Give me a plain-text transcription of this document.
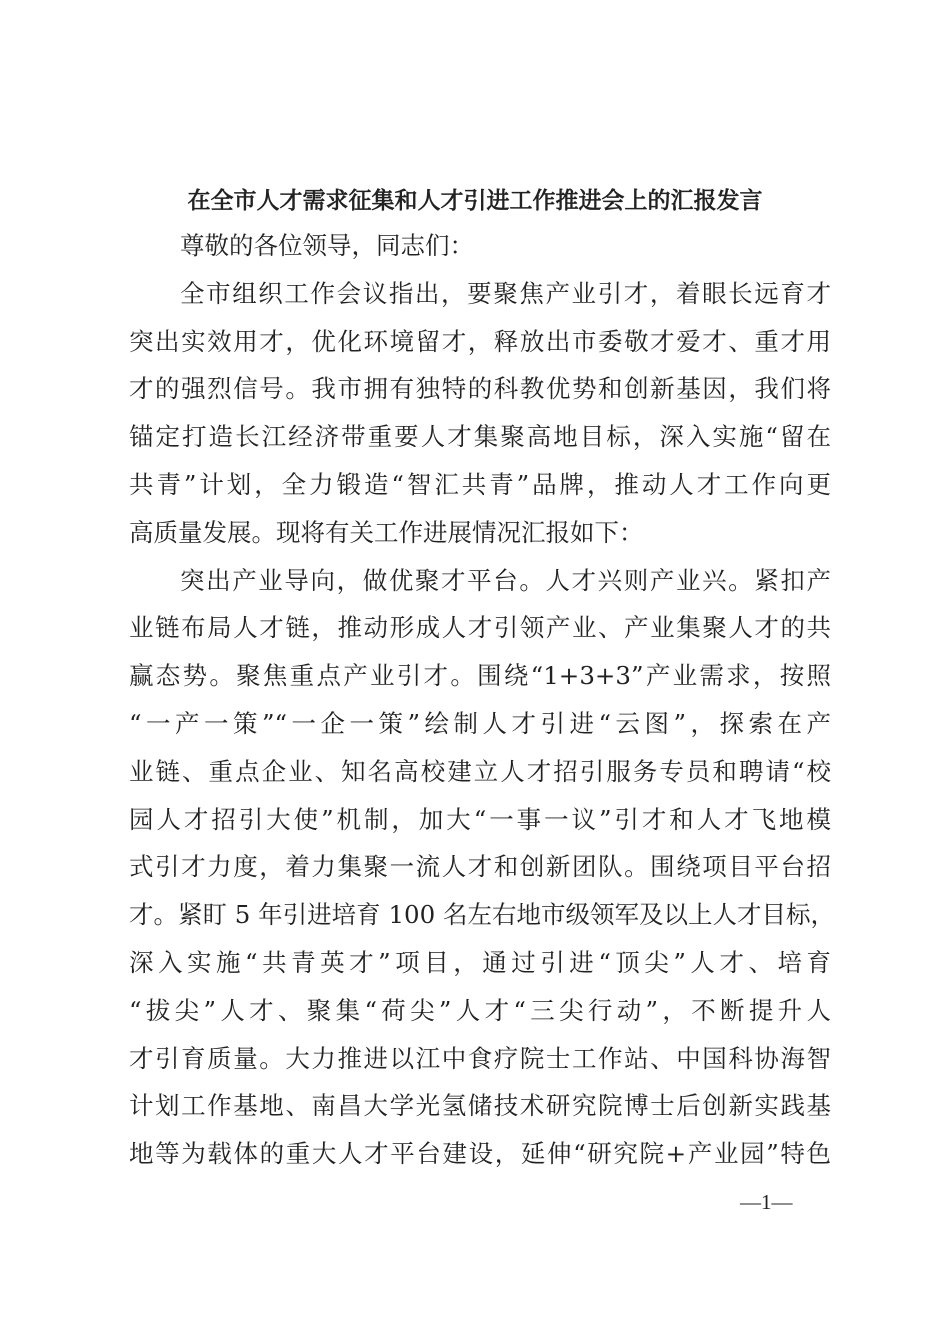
在全市人才需求征集和人才引进工作推进会上的汇报发言
尊敬的各位领导，同志们：
全市组织工作会议指出，要聚焦产业引才，着眼长远育才
突出实效用才，优化环境留才，释放出市委敬才爱才、重才用
才的强烈信号。我市拥有独特的科教优势和创新基因，我们将
锚定打造长江经济带重要人才集聚高地目标，深入实施“留在
共青”计划，全力锻造“智汇共青”品牌，推动人才工作向更
高质量发展。现将有关工作进展情况汇报如下：
突出产业导向，做优聚才平台。人才兴则产业兴。紧扣产
业链布局人才链，推动形成人才引领产业、产业集聚人才的共
赢态势。聚焦重点产业引才。围绕“1+3+3”产业需求，按照
“一产一策”“一企一策”绘制人才引进“云图”，探索在产
业链、重点企业、知名高校建立人才招引服务专员和聘请“校
园人才招引大使”机制，加大“一事一议”引才和人才飞地模
式引才力度，着力集聚一流人才和创新团队。围绕项目平台招
才。紧盯 5 年引进培育 100 名左右地市级领军及以上人才目标，
深入实施“共青英才”项目，通过引进“顶尖”人才、培育
“拔尖”人才、聚集“荷尖”人才“三尖行动”，不断提升人
才引育质量。大力推进以江中食疗院士工作站、中国科协海智
计划工作基地、南昌大学光氢储技术研究院博士后创新实践基
地等为载体的重大人才平台建设，延伸“研究院+产业园”特色
—1—
